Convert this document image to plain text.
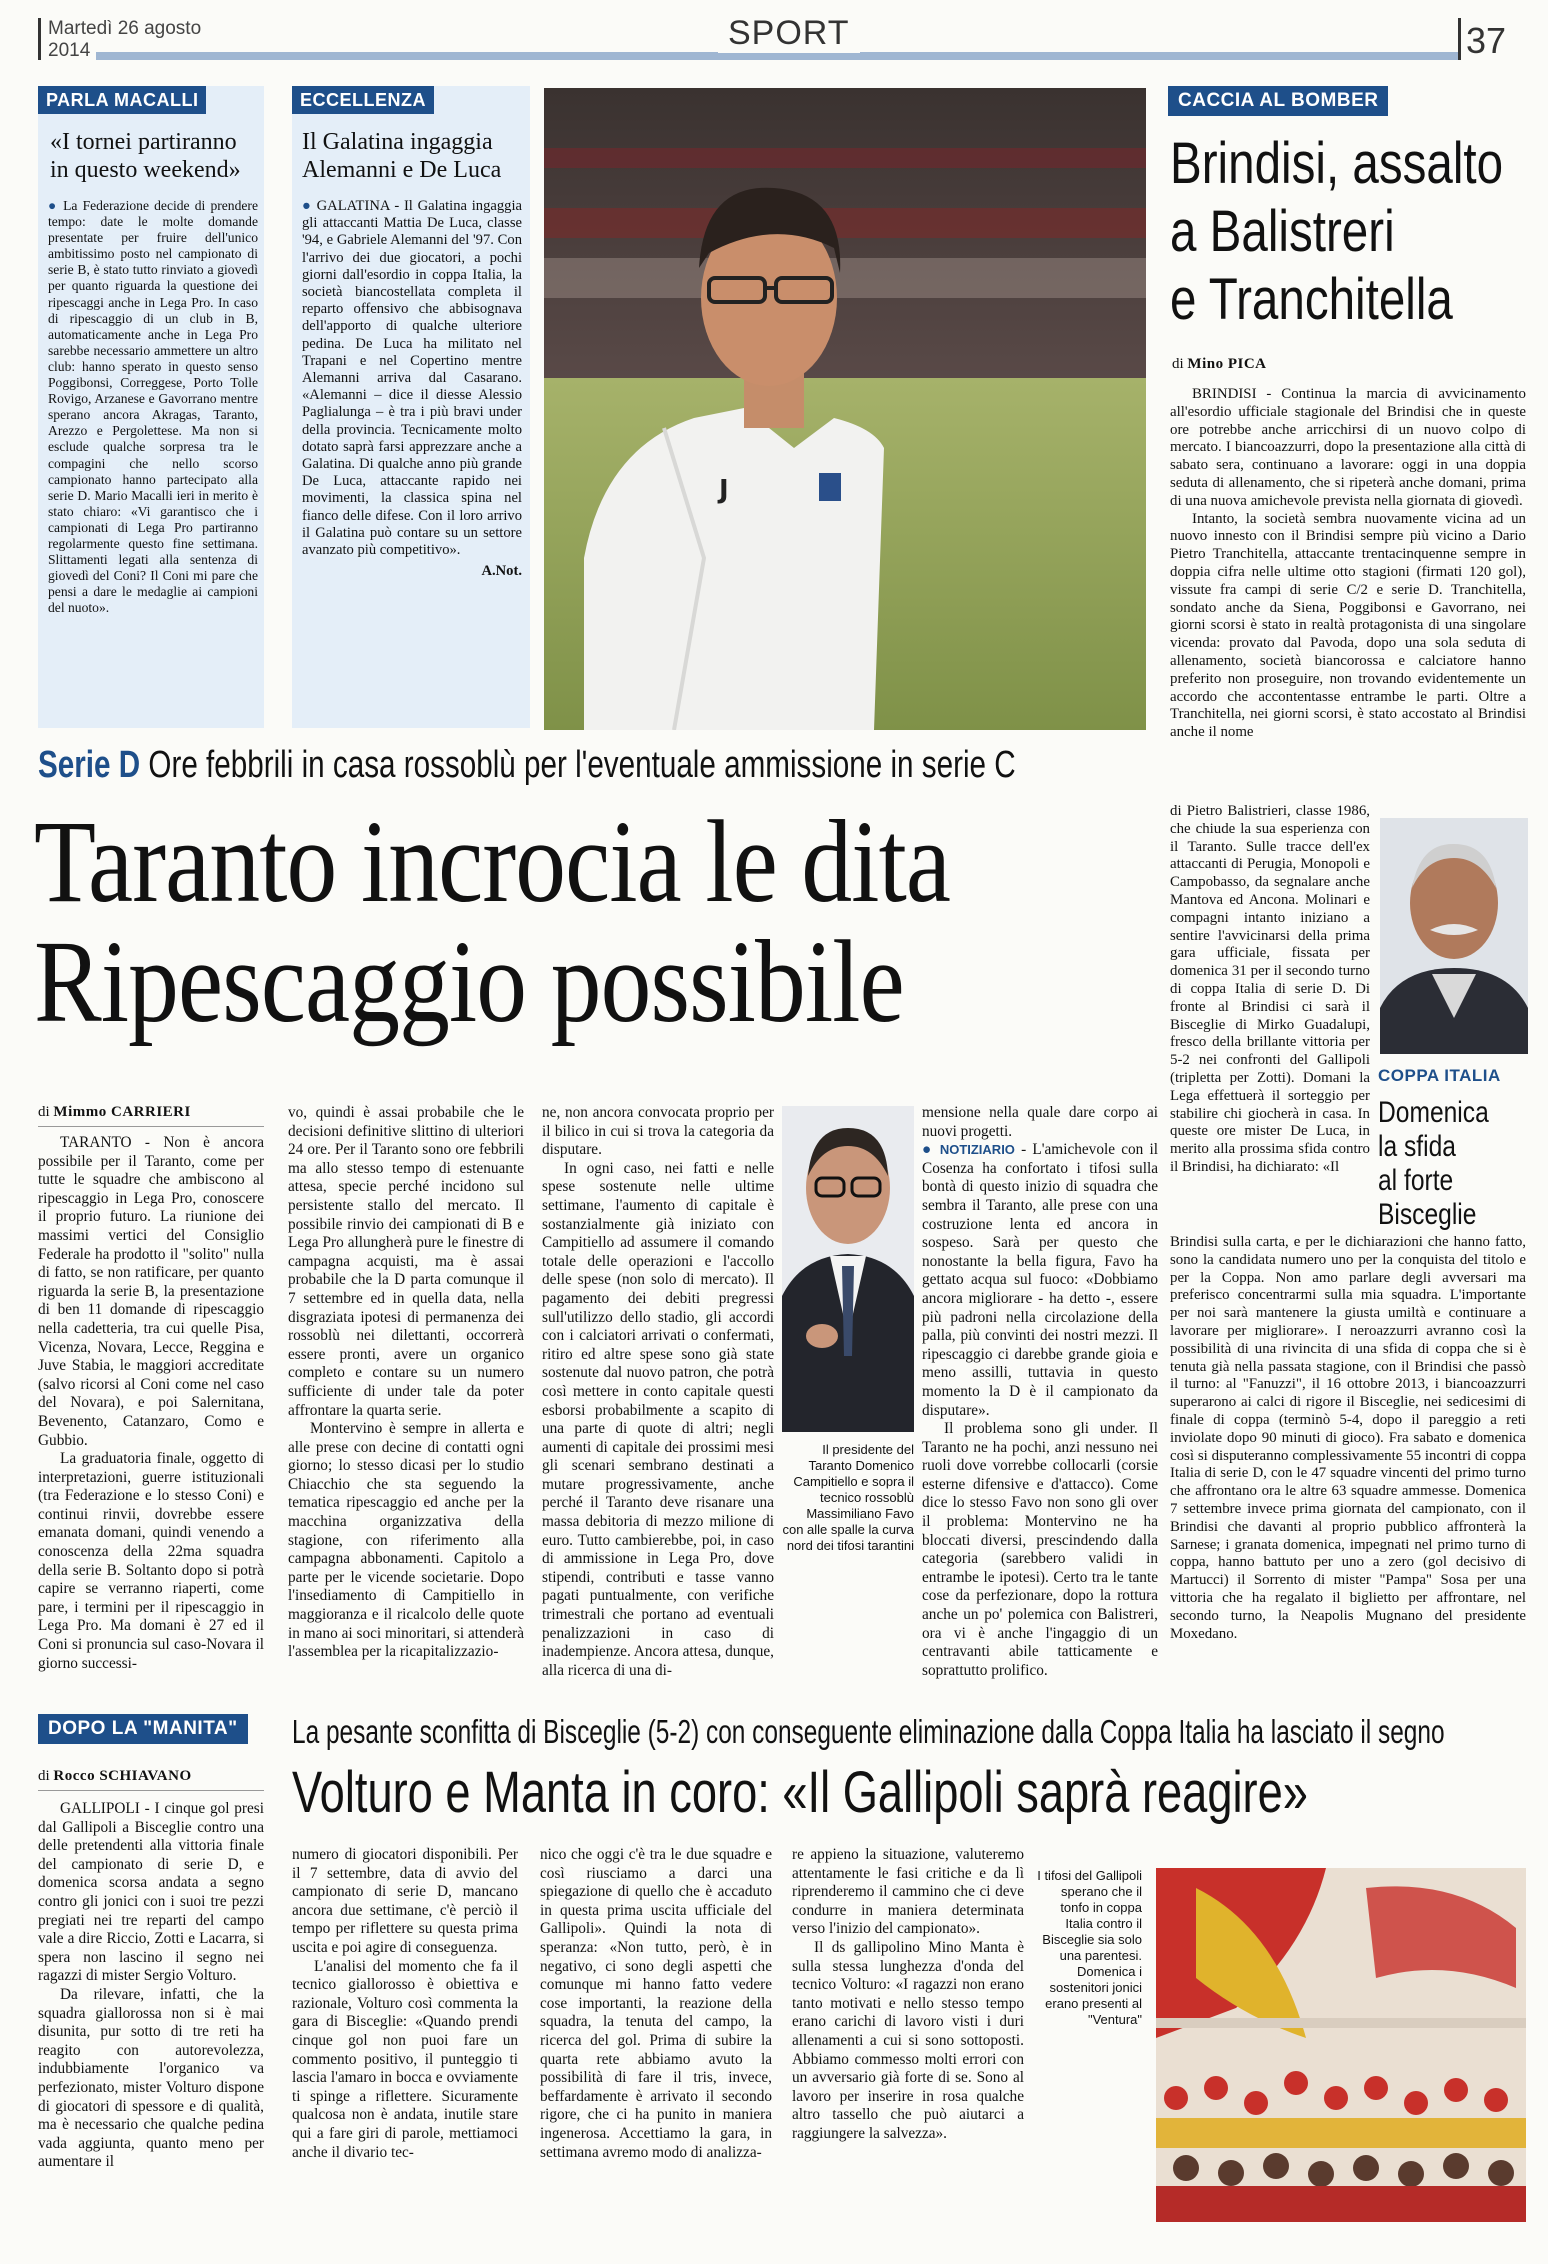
Martedì 26 agosto
2014	SPORT	37
PARLA MACALLI
«I tornei partiranno in questo weekend»

● La Federazione decide di prendere tempo: date le molte domande presentate per fruire dell'unico ambitissimo posto nel campionato di serie B, è stato tutto rinviato a giovedì per quanto riguarda la questione dei ripescaggi anche in Lega Pro. In caso di ripescaggio di un club in B, automaticamente anche in Lega Pro sarebbe necessario ammettere un altro club: hanno sperato in questo senso Poggibonsi, Correggese, Porto Tolle Rovigo, Arzanese e Gavorrano mentre sperano ancora Akragas, Taranto, Arezzo e Pergolettese. Ma non si esclude qualche sorpresa tra le compagini che nello scorso campionato hanno partecipato alla serie D. Mario Macalli ieri in merito è stato chiaro: «Vi garantisco che i campionati di Lega Pro partiranno regolarmente questo fine settimana. Slittamenti legati alla sentenza di giovedì del Coni? Il Coni mi pare che pensi a dare le medaglie ai campioni del nuoto».

ECCELLENZA
Il Galatina ingaggia Alemanni e De Luca

● GALATINA - Il Galatina ingaggia gli attaccanti Mattia De Luca, classe '94, e Gabriele Alemanni del '97. Con l'arrivo dei due giocatori, a pochi giorni dall'esordio in coppa Italia, la società biancostellata completa il reparto offensivo che abbisognava dell'apporto di qualche ulteriore pedina. De Luca ha militato nel Trapani e nel Copertino mentre Alemanni arriva dal Casarano. «Alemanni – dice il diesse Alessio Paglialunga – è tra i più bravi under della provincia. Tecnicamente molto dotato saprà farsi apprezzare anche a Galatina. Di qualche anno più grande De Luca, attaccante rapido nei movimenti, la classica spina nel fianco delle difese. Con il loro arrivo il Galatina può contare su un settore avanzato più competitivo».

A.Not.

J
CACCIA AL BOMBER
Brindisi, assalto
a Balistreri
e Tranchitella
di Mino PICA

BRINDISI - Continua la marcia di avvicinamento all'esordio ufficiale stagionale del Brindisi che in queste ore potrebbe anche arricchirsi di un nuovo colpo di mercato. I biancoazzurri, dopo la presentazione alla città di sabato sera, continuano a lavorare: oggi in una doppia seduta di allenamento, che si ripeterà anche domani, prima di una nuova amichevole prevista nella giornata di giovedì.

Intanto, la società sembra nuovamente vicina ad un nuovo innesto con il Brindisi sempre più vicino a Dario Pietro Tranchitella, attaccante trentacinquenne sempre in doppia cifra nelle ultime otto stagioni (firmati 120 gol), vissute fra campi di serie C/2 e serie D. Tranchitella, sondato anche da Siena, Poggibonsi e Gavorrano, nei giorni scorsi è stato in realtà protagonista di una singolare vicenda: provato dal Pavoda, dopo una sola seduta di allenamento, società biancorossa e calciatore hanno preferito non proseguire, non trovando evidentemente un accordo che accontentasse entrambe le parti. Oltre a Tranchitella, nei giorni scorsi, è stato accostato al Brindisi anche il nome

di Pietro Balistrieri, classe 1986, che chiude la sua esperienza con il Taranto. Sulle tracce dell'ex attaccanti di Perugia, Monopoli e Campobasso, da segnalare anche Mantova ed Ancona. Molinari e compagni intanto iniziano a sentire l'avvicinarsi della prima gara ufficiale, fissata per domenica 31 per il secondo turno di coppa Italia di serie D. Di fronte al Brindisi ci sarà il Bisceglie di Mirko Guadalupi, fresco della brillante vittoria per 5-2 nei confronti del Gallipoli (tripletta per Zotti). Domani la Lega effettuerà il sorteggio per stabilire chi giocherà in casa. In queste ore mister De Luca, in merito alla prossima sfida contro il Brindisi, ha dichiarato: «Il

COPPA ITALIA
Domenica
la sfida
al forte
Bisceglie

Brindisi sulla carta, e per le dichiarazioni che hanno fatto, sono la candidata numero uno per la conquista del titolo e per la Coppa. Non amo parlare degli avversari ma preferisco concentrarmi sulla mia squadra. L'importante per noi sarà mantenere la giusta umiltà e continuare a lavorare per migliorare». I neroazzurri avranno così la possibilità di una rivincita di una sfida di coppa che si è tenuta già nella passata stagione, con il Brindisi che passò il turno: al "Fanuzzi", il 16 ottobre 2013, i biancoazzurri superarono ai calci di rigore il Bisceglie, nei sedicesimi di finale di coppa (terminò 5-4, dopo il pareggio a reti inviolate dopo 90 minuti di gioco). Fra sabato e domenica così si disputeranno complessivamente 55 incontri di coppa Italia di serie D, con le 47 squadre vincenti del primo turno che affrontano ora le altre 63 squadre ammesse. Domenica 7 settembre invece prima giornata del campionato, con il Brindisi che davanti al proprio pubblico affronterà la Sarnese; i granata domenica, impegnati nel primo turno di coppa, hanno battuto per uno a zero (gol decisivo di Martucci) il Sorrento di mister "Pampa" Sosa per una vittoria che ha regalato il biglietto per affrontare, nel secondo turno, la Neapolis Mugnano del presidente Moxedano.

Serie D Ore febbrili in casa rossoblù per l'eventuale ammissione in serie C
Taranto incrocia le dita
Ripescaggio possibile
di Mimmo CARRIERI

TARANTO - Non è ancora possibile per il Taranto, come per tutte le squadre che ambiscono al ripescaggio in Lega Pro, conoscere il proprio futuro. La riunione dei massimi vertici del Consiglio Federale ha prodotto il "solito" nulla di fatto, se non ratificare, per quanto riguarda la serie B, la presentazione di ben 11 domande di ripescaggio nella cadetteria, tra cui quelle Pisa, Vicenza, Novara, Lecce, Reggina e Juve Stabia, le maggiori accreditate (salvo ricorsi al Coni come nel caso del Novara), e poi Salernitana, Bevenento, Catanzaro, Como e Gubbio.

La graduatoria finale, oggetto di interpretazioni, guerre istituzionali (tra Federazione e lo stesso Coni) e continui rinvii, dovrebbe essere emanata domani, quindi venendo a conoscenza della 22ma squadra della serie B. Soltanto dopo si potrà capire se verranno riaperti, come pare, i termini per il ripescaggio in Lega Pro. Ma domani è 27 ed il Coni si pronuncia sul caso-Novara il giorno successi-

vo, quindi è assai probabile che le decisioni definitive slittino di ulteriori 24 ore. Per il Taranto sono ore febbrili ma allo stesso tempo di estenuante attesa, specie perché incidono sul persistente stallo del mercato. Il possibile rinvio dei campionati di B e Lega Pro allungherà pure le finestre di campagna acquisti, ma è assai probabile che la D parta comunque il 7 settembre ed in quella data, nella disgraziata ipotesi di permanenza dei rossoblù nei dilettanti, occorrerà essere pronti, avere un organico completo e contare su un numero sufficiente di under tale da poter affrontare la quarta serie.

Montervino è sempre in allerta e alle prese con decine di contatti ogni giorno; lo stesso dicasi per lo studio Chiacchio che sta seguendo la tematica ripescaggio ed anche per la macchina organizzativa della stagione, con riferimento alla campagna abbonamenti. Capitolo a parte per le vicende societarie. Dopo l'insediamento di Campitiello in maggioranza e il ricalcolo delle quote in mano ai soci minoritari, si attenderà l'assemblea per la ricapitalizzazio-

ne, non ancora convocata proprio per il bilico in cui si trova la categoria da disputare.

In ogni caso, nei fatti e nelle spese sostenute nelle ultime settimane, l'aumento di capitale è sostanzialmente già iniziato con Campitiello ad assumere il comando totale delle operazioni e l'accollo delle spese (non solo di mercato). Il pagamento dei debiti pregressi sull'utilizzo dello stadio, gli accordi con i calciatori arrivati o confermati, ritiro ed altre spese sono già state sostenute dal nuovo patron, che potrà così mettere in conto capitale questi esborsi probabilmente a scapito di una parte di quote di altri; negli aumenti di capitale dei prossimi mesi gli scenari sembrano destinati a mutare progressivamente, anche perché il Taranto deve risanare una massa debitoria di mezzo milione di euro. Tutto cambierebbe, poi, in caso di ammissione in Lega Pro, dove stipendi, contributi e tasse vanno pagati puntualmente, con verifiche trimestrali che portano ad eventuali penalizzazioni in caso di inadempienze. Ancora attesa, dunque, alla ricerca di una di-

Il presidente del Taranto Domenico Campitiello e sopra il tecnico rossoblù Massimiliano Favo con alle spalle la curva nord dei tifosi tarantini

mensione nella quale dare corpo ai nuovi progetti.

● NOTIZIARIO - L'amichevole con il Cosenza ha confortato i tifosi sulla bontà di questo inizio di squadra che sembra il Taranto, alle prese con una costruzione lenta ed ancora in sospeso. Sarà per questo che nonostante la bella figura, Favo ha gettato acqua sul fuoco: «Dobbiamo ancora migliorare - ha detto -, essere più padroni nella circolazione della palla, più convinti dei nostri mezzi. Il ripescaggio ci darebbe grande gioia e meno assilli, tuttavia in questo momento la D è il campionato da disputare».

Il problema sono gli under. Il Taranto ne ha pochi, anzi nessuno nei ruoli dove vorrebbe collocarli (corsie esterne difensive e d'attacco). Come dice lo stesso Favo non sono gli over il problema: Montervino ne ha bloccati diversi, prescindendo dalla categoria (sarebbero validi in entrambe le ipotesi). Certo tra le tante cose da perfezionare, dopo la rottura anche un po' polemica con Balistreri, ora vi è anche l'ingaggio di un centravanti abile tatticamente e soprattutto prolifico.

DOPO LA "MANITA"	La pesante sconfitta di Bisceglie (5-2) con conseguente eliminazione dalla Coppa Italia ha lasciato il segno
Volturo e Manta in coro: «Il Gallipoli saprà reagire»
di Rocco SCHIAVANO

GALLIPOLI - I cinque gol presi dal Gallipoli a Bisceglie contro una delle pretendenti alla vittoria finale del campionato di serie D, e domenica scorsa andata a segno contro gli jonici con i suoi tre pezzi pregiati nei tre reparti del campo vale a dire Riccio, Zotti e Lacarra, si spera non lascino il segno nei ragazzi di mister Sergio Volturo.

Da rilevare, infatti, che la squadra giallorossa non si è mai disunita, pur sotto di tre reti ha reagito con autorevolezza, indubbiamente l'organico va perfezionato, mister Volturo dispone di giocatori di spessore e di qualità, ma è necessario che qualche pedina vada aggiunta, quanto meno per aumentare il

numero di giocatori disponibili. Per il 7 settembre, data di avvio del campionato di serie D, mancano ancora due settimane, c'è perciò il tempo per riflettere su questa prima uscita e poi agire di conseguenza.

L'analisi del momento che fa il tecnico giallorosso è obiettiva e razionale, Volturo così commenta la gara di Bisceglie: «Quando prendi cinque gol non puoi fare un commento positivo, il punteggio ti lascia l'amaro in bocca e ovviamente ti spinge a riflettere. Sicuramente qualcosa non è andata, inutile stare qui a fare giri di parole, mettiamoci anche il divario tec-

nico che oggi c'è tra le due squadre e così riusciamo a darci una spiegazione di quello che è accaduto in questa prima uscita ufficiale del Gallipoli». Quindi la nota di speranza: «Non tutto, però, è in negativo, ci sono degli aspetti che comunque mi hanno fatto vedere cose importanti, la reazione della squadra, la tenuta del campo, la ricerca del gol. Prima di subire la quarta rete abbiamo avuto la possibilità di fare il tris, invece, beffardamente è arrivato il secondo rigore, che ci ha punito in maniera ingenerosa. Accettiamo la gara, in settimana avremo modo di analizza-

re appieno la situazione, valuteremo attentamente le fasi critiche e da lì riprenderemo il cammino che ci deve condurre in maniera determinata verso l'inizio del campionato».

Il ds gallipolino Mino Manta è sulla stessa lunghezza d'onda del tecnico Volturo: «I ragazzi non erano tanto motivati e nello stesso tempo erano carichi di lavoro visti i duri allenamenti a cui si sono sottoposti. Abbiamo commesso molti errori con un avversario già forte di se. Sono al lavoro per inserire in rosa qualche altro tassello che può aiutarci a raggiungere la salvezza».

I tifosi del Gallipoli sperano che il tonfo in coppa Italia contro il Bisceglie sia solo una parentesi. Domenica i sostenitori jonici erano presenti al "Ventura"
